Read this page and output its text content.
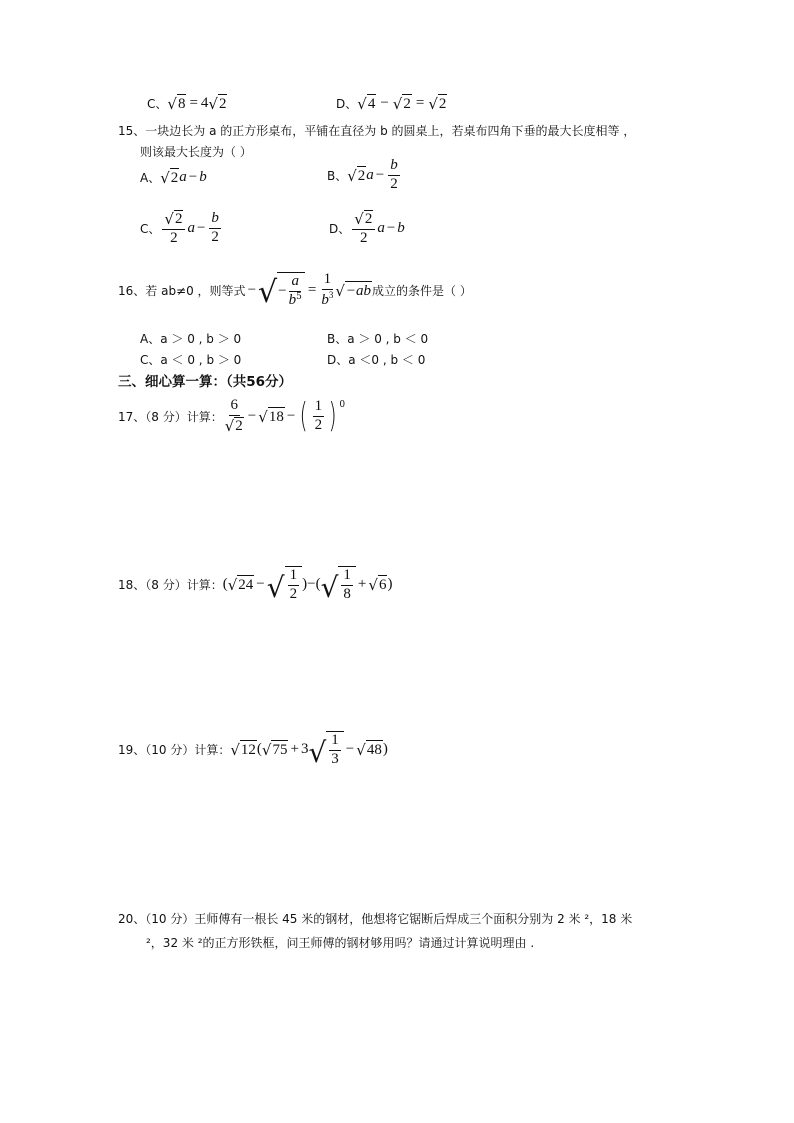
C、 √ 8 = 4 √ 2	D、 √ 4 − √ 2 = √ 2
15、一块边长为 a 的正方形桌布，平铺在直径为 b 的圆桌上，若桌布四角下垂的最大长度相等 ，
则该最大长度为（ ）
A、 √ 2 a − b	B、 √ 2 $a - \frac{b}{2}$
C、 $\frac{√ 2}{2}$ $a - \frac{b}{2}$	D、 $\frac{√ 2}{2}$ a − b
16、若 ab≠0 ，则等式 − √ − $\frac{a}{b^5} = \frac{1}{b^3}$ √ −ab 成立的条件是（ ）
A、a ＞ 0 , b ＞ 0	B、a ＞ 0 , b ＜ 0
C、a ＜ 0 , b ＞ 0	D、a ＜0 , b ＜ 0
三、细心算一算：（共56分）
17、（8 分）计算： $\frac{6}{√ 2}$ − √ 18 − ( $\frac{1}{2}$ ) $^0$
18、（8 分）计算： ( √ 24 − √ $\frac{1}{2}$ )−( √ $\frac{1}{8}$ + √ 6 )
19、（10 分）计算： √ 12 ( √ 75 + 3 √ $\frac{1}{3}$ − √ 48 )
20、（10 分）王师傅有一根长 45 米的钢材，他想将它锯断后焊成三个面积分别为 2 米 ²，18 米
²，32 米 ²的正方形铁框，问王师傅的钢材够用吗？请通过计算说明理由 .
